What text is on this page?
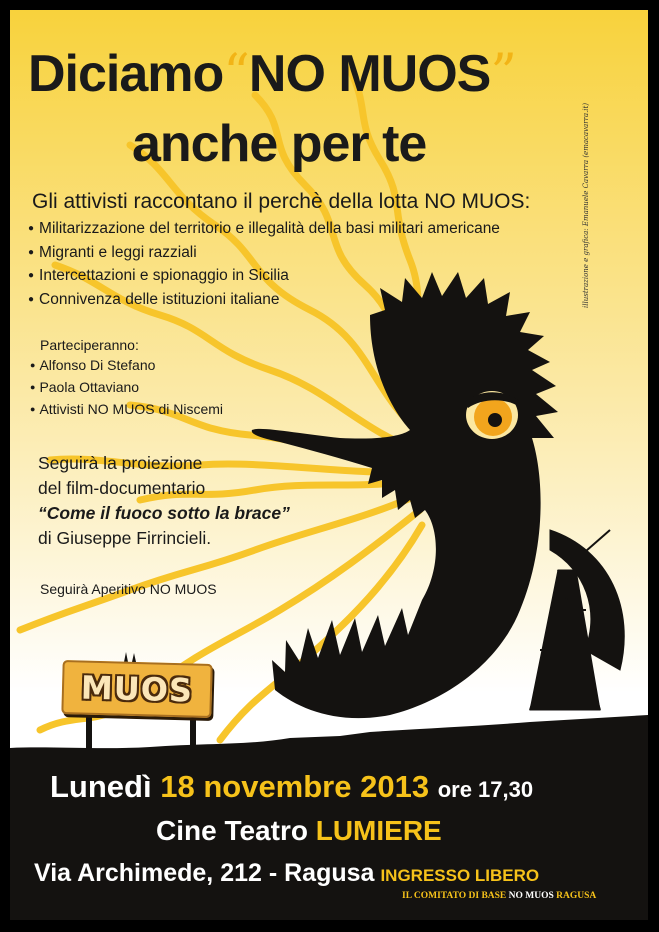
Diciamo“NO MUOS”
anche per te
Gli attivisti raccontano il perchè della lotta NO MUOS:
● Militarizzazione del territorio e illegalità della basi militari americane
● Migranti e leggi razziali
● Intercettazioni e spionaggio in Sicilia
● Connivenza delle istituzioni italiane
Parteciperanno:
● Alfonso Di Stefano
● Paola Ottaviano
● Attivisti NO MUOS di Niscemi
Seguirà la proiezione
del film-documentario
“Come il fuoco sotto la brace”
di Giuseppe Firrincieli.
Seguirà Aperitivo NO MUOS
MUOS
illustrazione e grafica: Emanuele Cavarra (emacavarra.it)
Lunedì 18 novembre 2013 ore 17,30
Cine Teatro LUMIERE
Via Archimede, 212 - Ragusa INGRESSO LIBERO
IL COMITATO DI BASE NO MUOS RAGUSA
